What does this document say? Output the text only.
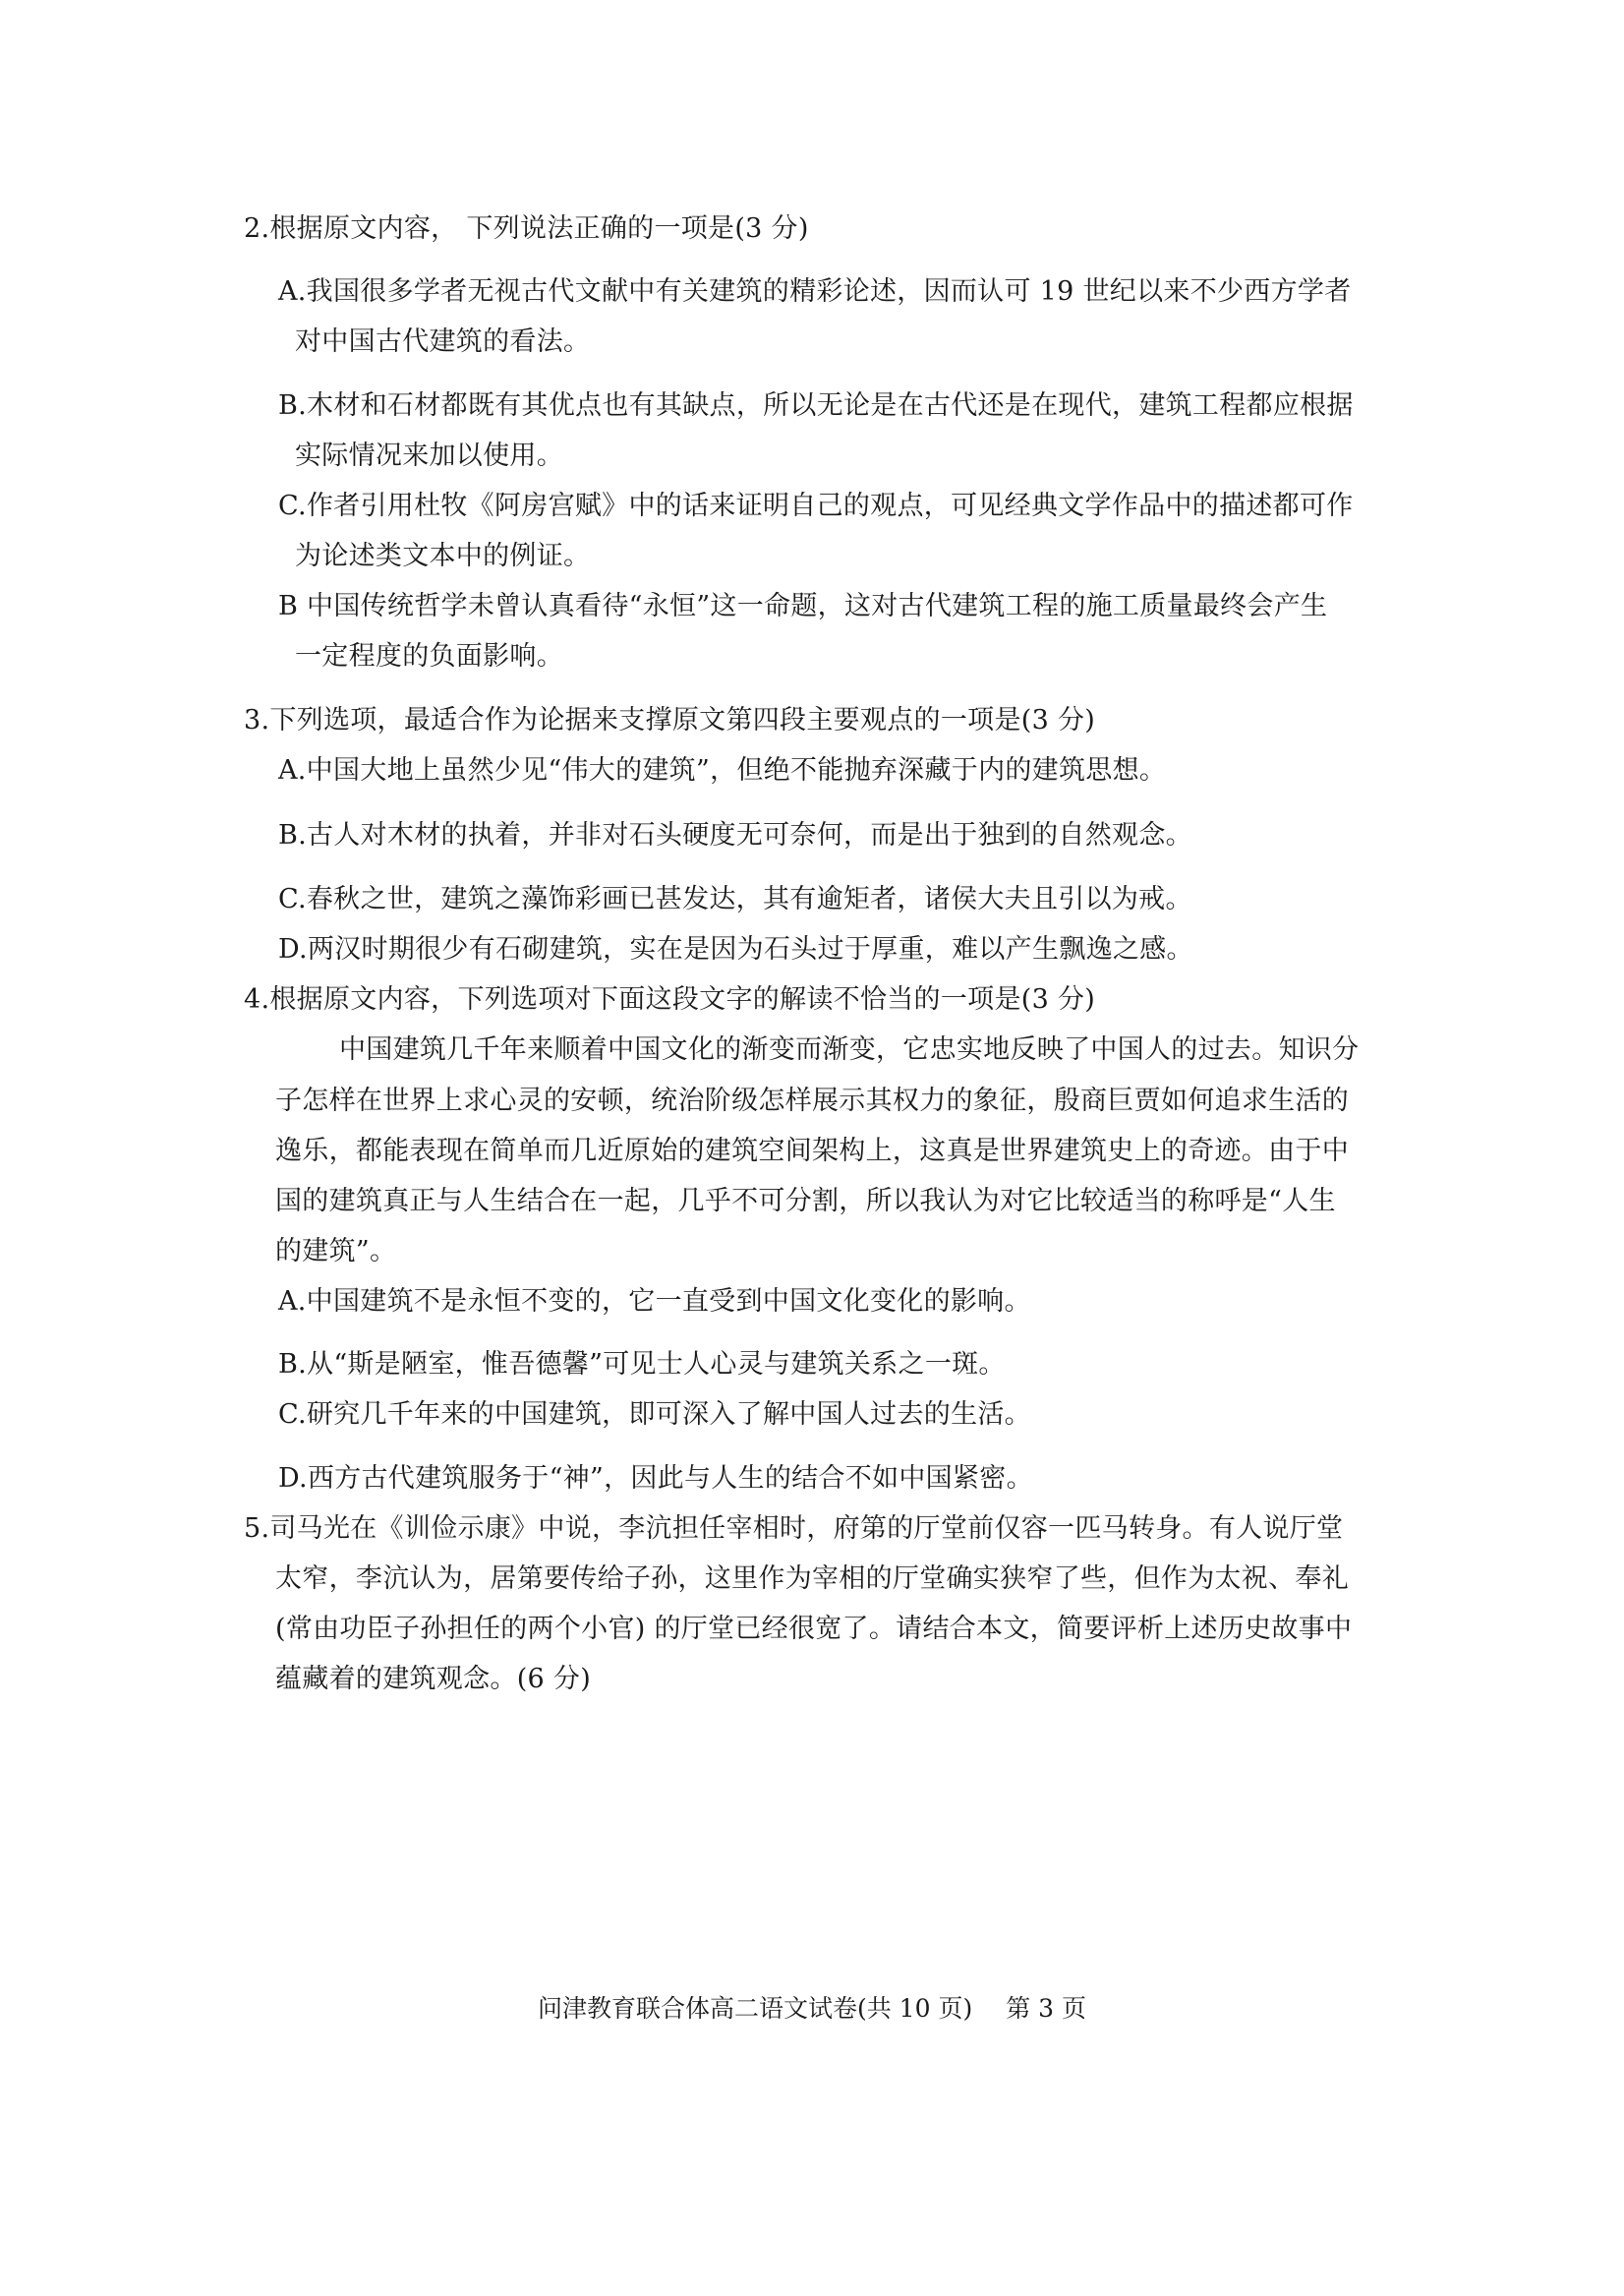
2.根据原文内容， 下列说法正确的一项是(3 分)
A.我国很多学者无视古代文献中有关建筑的精彩论述，因而认可 19 世纪以来不少西方学者
对中国古代建筑的看法。
B.木材和石材都既有其优点也有其缺点，所以无论是在古代还是在现代，建筑工程都应根据
实际情况来加以使用。
C.作者引用杜牧《阿房宫赋》中的话来证明自己的观点，可见经典文学作品中的描述都可作
为论述类文本中的例证。
B 中国传统哲学未曾认真看待“永恒”这一命题，这对古代建筑工程的施工质量最终会产生
一定程度的负面影响。
3.下列选项，最适合作为论据来支撑原文第四段主要观点的一项是(3 分)
A.中国大地上虽然少见“伟大的建筑”，但绝不能抛弃深藏于内的建筑思想。
B.古人对木材的执着，并非对石头硬度无可奈何，而是出于独到的自然观念。
C.春秋之世，建筑之藻饰彩画已甚发达，其有逾矩者，诸侯大夫且引以为戒。
D.两汉时期很少有石砌建筑，实在是因为石头过于厚重，难以产生飘逸之感。
4.根据原文内容，下列选项对下面这段文字的解读不恰当的一项是(3 分)
中国建筑几千年来顺着中国文化的渐变而渐变，它忠实地反映了中国人的过去。知识分
子怎样在世界上求心灵的安顿，统治阶级怎样展示其权力的象征，殷商巨贾如何追求生活的
逸乐，都能表现在简单而几近原始的建筑空间架构上，这真是世界建筑史上的奇迹。由于中
国的建筑真正与人生结合在一起，几乎不可分割，所以我认为对它比较适当的称呼是“人生
的建筑”。
A.中国建筑不是永恒不变的，它一直受到中国文化变化的影响。
B.从“斯是陋室，惟吾德馨”可见士人心灵与建筑关系之一斑。
C.研究几千年来的中国建筑，即可深入了解中国人过去的生活。
D.西方古代建筑服务于“神”，因此与人生的结合不如中国紧密。
5.司马光在《训俭示康》中说，李沆担任宰相时，府第的厅堂前仅容一匹马转身。有人说厅堂
太窄，李沆认为，居第要传给子孙，这里作为宰相的厅堂确实狭窄了些，但作为太祝、奉礼
(常由功臣子孙担任的两个小官) 的厅堂已经很宽了。请结合本文，简要评析上述历史故事中
蕴藏着的建筑观念。(6 分)
问津教育联合体高二语文试卷(共 10 页) 第 3 页
